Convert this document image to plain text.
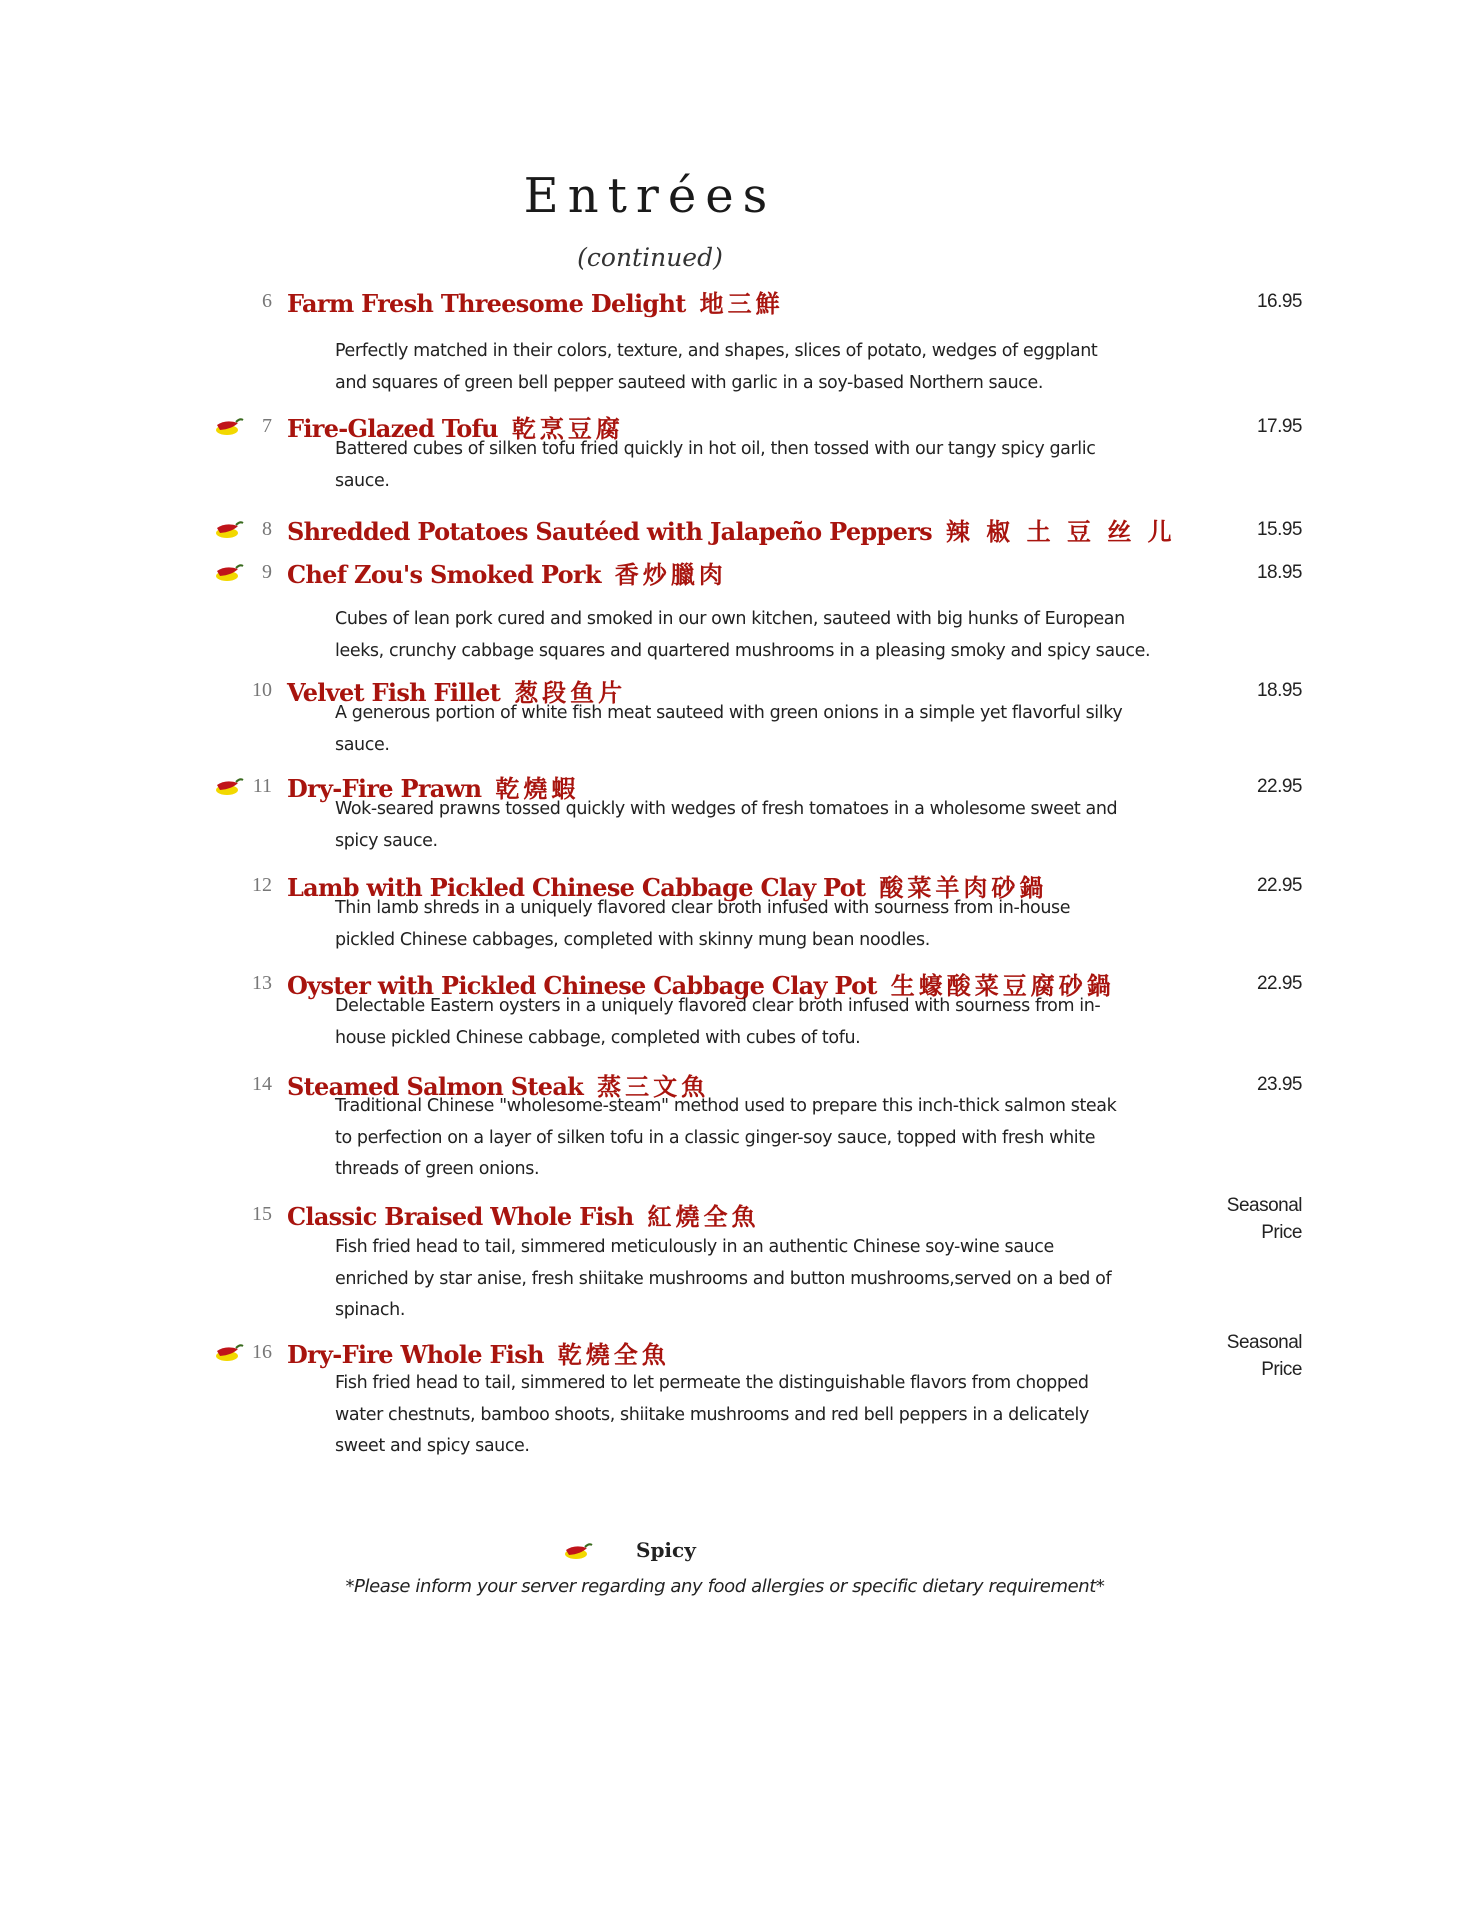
Entrées
(continued)
6 Farm Fresh Threesome Delight 地三鮮	16.95
Perfectly matched in their colors, texture, and shapes, slices of potato, wedges of eggplant
and squares of green bell pepper sauteed with garlic in a soy-based Northern sauce.
7 Fire-Glazed Tofu 乾烹豆腐	17.95
Battered cubes of silken tofu fried quickly in hot oil, then tossed with our tangy spicy garlic
sauce.
8 Shredded Potatoes Sautéed with Jalapeño Peppers 辣 椒 土 豆 丝 儿	15.95
9 Chef Zou's Smoked Pork 香炒臘肉	18.95
Cubes of lean pork cured and smoked in our own kitchen, sauteed with big hunks of European
leeks, crunchy cabbage squares and quartered mushrooms in a pleasing smoky and spicy sauce.
10 Velvet Fish Fillet 葱段鱼片	18.95
A generous portion of white fish meat sauteed with green onions in a simple yet flavorful silky
sauce.
11 Dry-Fire Prawn 乾燒蝦	22.95
Wok-seared prawns tossed quickly with wedges of fresh tomatoes in a wholesome sweet and
spicy sauce.
12 Lamb with Pickled Chinese Cabbage Clay Pot 酸菜羊肉砂鍋	22.95
Thin lamb shreds in a uniquely flavored clear broth infused with sourness from in-house
pickled Chinese cabbages, completed with skinny mung bean noodles.
13 Oyster with Pickled Chinese Cabbage Clay Pot 生蠔酸菜豆腐砂鍋	22.95
Delectable Eastern oysters in a uniquely flavored clear broth infused with sourness from in-
house pickled Chinese cabbage, completed with cubes of tofu.
14 Steamed Salmon Steak 蒸三文魚	23.95
Traditional Chinese "wholesome-steam" method used to prepare this inch-thick salmon steak
to perfection on a layer of silken tofu in a classic ginger-soy sauce, topped with fresh white
threads of green onions.
15 Classic Braised Whole Fish 紅燒全魚	Seasonal
Price
Fish fried head to tail, simmered meticulously in an authentic Chinese soy-wine sauce
enriched by star anise, fresh shiitake mushrooms and button mushrooms,served on a bed of
spinach.
16 Dry-Fire Whole Fish 乾燒全魚	Seasonal
Price
Fish fried head to tail, simmered to let permeate the distinguishable flavors from chopped
water chestnuts, bamboo shoots, shiitake mushrooms and red bell peppers in a delicately
sweet and spicy sauce.
Spicy
*Please inform your server regarding any food allergies or specific dietary requirement*
